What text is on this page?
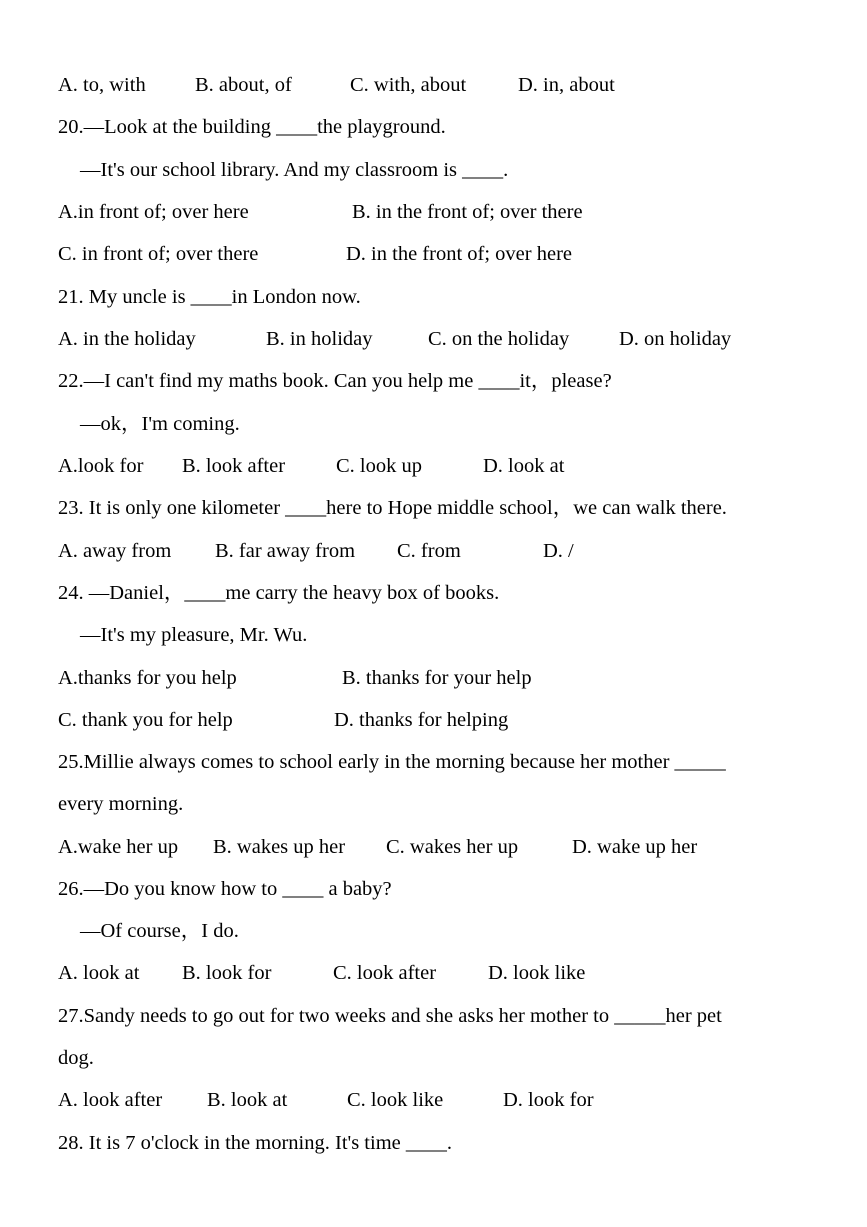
A. to, with B. about, of	C. with, about	D. in, about
20.—Look at the building ____the playground.
—It's our school library. And my classroom is ____.
A.in front of; over here	B. in the front of; over there
C. in front of; over there	D. in the front of; over here
21. My uncle is ____in London now.
A. in the holiday	B. in holiday	C. on the holiday D. on holiday
22.—I can't find my maths book. Can you help me ____it，please?
—ok，I'm coming.
A.look for B. look after C. look up	D. look at
23. It is only one kilometer ____here to Hope middle school，we can walk there.
A. away from B. far away from C. from	D. /
24. —Daniel，____me carry the heavy box of books.
—It's my pleasure, Mr. Wu.
A.thanks for you help	B. thanks for your help
C. thank you for help	D. thanks for helping
25.Millie always comes to school early in the morning because her mother _____
every morning.
A.wake her up B. wakes up her C. wakes her up	D. wake up her
26.—Do you know how to ____ a baby?
—Of course，I do.
A. look at B. look for	C. look after	D. look like
27.Sandy needs to go out for two weeks and she asks her mother to _____her pet
dog.
A. look after B. look at	C. look like	D. look for
28. It is 7 o'clock in the morning. It's time ____.
